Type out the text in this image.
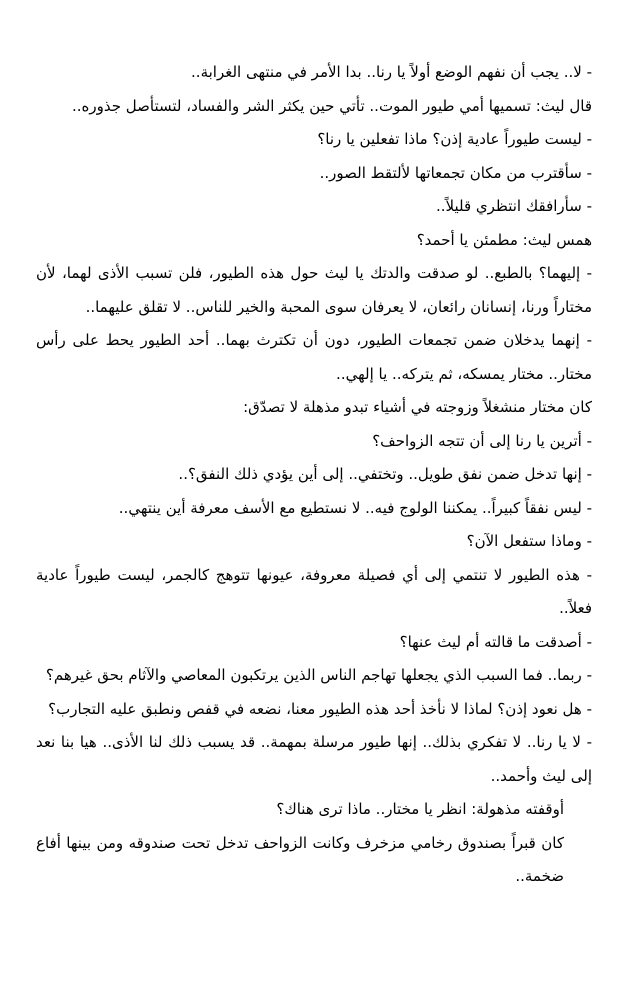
- لا.. يجب أن نفهم الوضع أولاً يا رنا.. بدا الأمر في منتهى الغرابة..

قال ليث: تسميها أمي طيور الموت.. تأتي حين يكثر الشر والفساد، لتستأصل جذوره..

- ليست طيوراً عادية إذن؟ ماذا تفعلين يا رنا؟

- سأقترب من مكان تجمعاتها لألتقط الصور..

- سأرافقك انتظري قليلاً..

همس ليث: مطمئن يا أحمد؟

- إليهما؟ بالطبع.. لو صدقت والدتك يا ليث حول هذه الطيور، فلن تسبب الأذى لهما، لأن مختاراً ورنا، إنسانان رائعان، لا يعرفان سوى المحبة والخير للناس.. لا تقلق عليهما..

- إنهما يدخلان ضمن تجمعات الطيور، دون أن تكترث بهما.. أحد الطيور يحط على رأس مختار.. مختار يمسكه، ثم يتركه.. يا إلهي..

كان مختار منشغلاً وزوجته في أشياء تبدو مذهلة لا تصدّق:

- أترين يا رنا إلى أن تتجه الزواحف؟

- إنها تدخل ضمن نفق طويل.. وتختفي.. إلى أين يؤدي ذلك النفق؟..

- ليس نفقاً كبيراً.. يمكننا الولوج فيه.. لا نستطيع مع الأسف معرفة أين ينتهي..

- وماذا ستفعل الآن؟

- هذه الطيور لا تنتمي إلى أي فصيلة معروفة، عيونها تتوهج كالجمر، ليست طيوراً عادية فعلاً..

- أصدقت ما قالته أم ليث عنها؟

- ربما.. فما السبب الذي يجعلها تهاجم الناس الذين يرتكبون المعاصي والآثام بحق غيرهم؟

- هل نعود إذن؟ لماذا لا نأخذ أحد هذه الطيور معنا، نضعه في قفص ونطبق عليه التجارب؟

- لا يا رنا.. لا تفكري بذلك.. إنها طيور مرسلة بمهمة.. قد يسبب ذلك لنا الأذى.. هيا بنا نعد إلى ليث وأحمد..

أوقفته مذهولة: انظر يا مختار.. ماذا ترى هناك؟

كان قبراً بصندوق رخامي مزخرف وكانت الزواحف تدخل تحت صندوقه ومن بينها أفاع ضخمة..
